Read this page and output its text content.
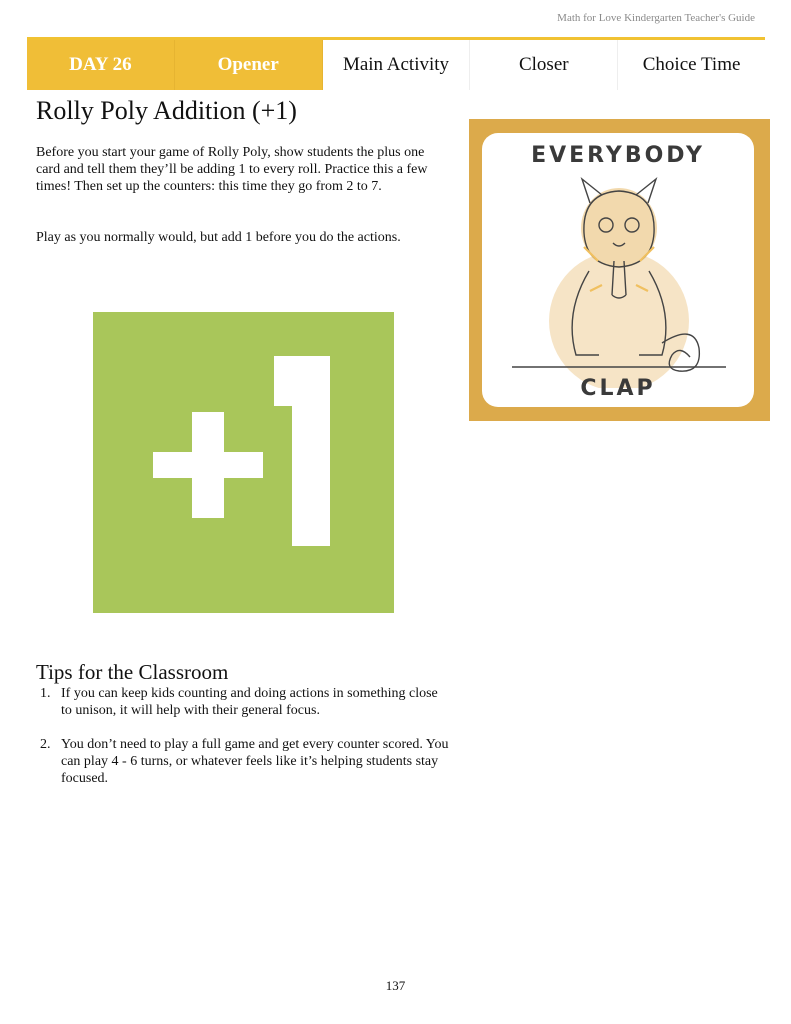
Math for Love Kindergarten Teacher's Guide
DAY 26	Opener	Main Activity	Closer	Choice Time
Rolly Poly Addition (+1)

Before you start your game of Rolly Poly, show students the plus one card and tell them they’ll be adding 1 to every roll. Practice this a few times! Then set up the counters: this time they go from 2 to 7.

Play as you normally would, but add 1 before you do the actions.

EVERYBODY
CLAP
Tips for the Classroom
1. If you can keep kids counting and doing actions in something close to unison, it will help with their general focus.
2. You don’t need to play a full game and get every counter scored. You can play 4 - 6 turns, or whatever feels like it’s helping students stay focused.
137
